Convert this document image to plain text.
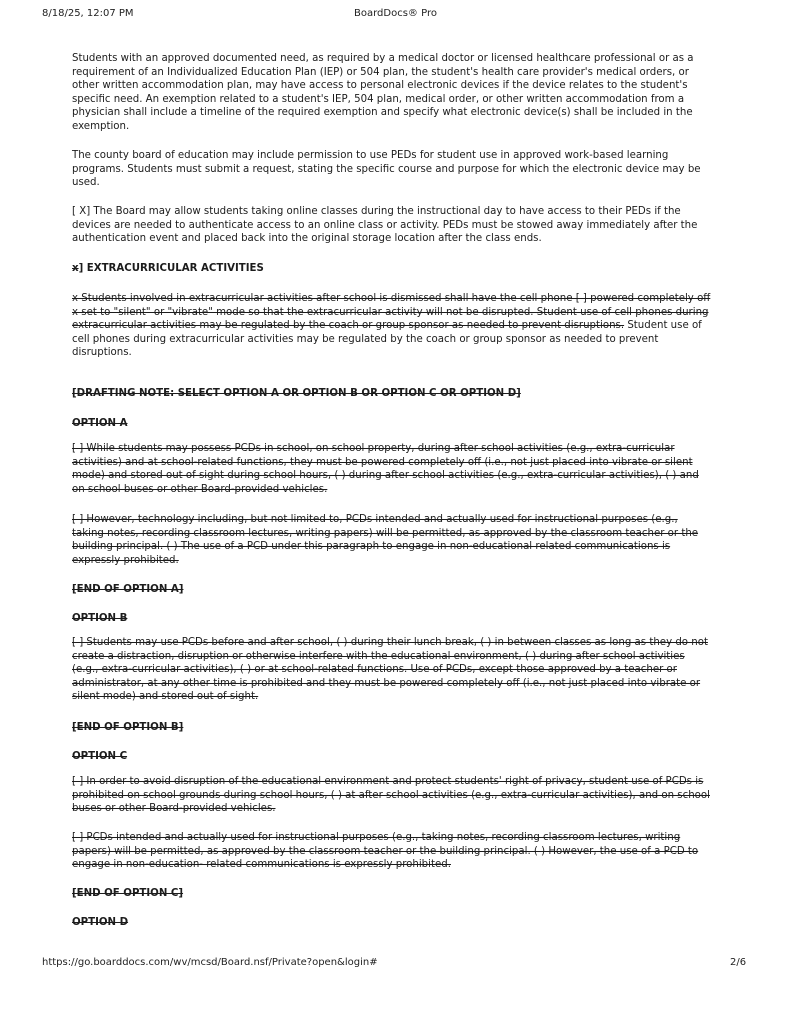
8/18/25, 12:07 PM	BoardDocs® Pro

Students with an approved documented need, as required by a medical doctor or licensed healthcare professional or as a requirement of an Individualized Education Plan (IEP) or 504 plan, the student's health care provider's medical orders, or other written accommodation plan, may have access to personal electronic devices if the device relates to the student's specific need. An exemption related to a student's IEP, 504 plan, medical order, or other written accommodation from a physician shall include a timeline of the required exemption and specify what electronic device(s) shall be included in the exemption.

The county board of education may include permission to use PEDs for student use in approved work-based learning programs. Students must submit a request, stating the specific course and purpose for which the electronic device may be used.

[ X] The Board may allow students taking online classes during the instructional day to have access to their PEDs if the devices are needed to authenticate access to an online class or activity. PEDs must be stowed away immediately after the authentication event and placed back into the original storage location after the class ends.

x] EXTRACURRICULAR ACTIVITIES

x Students involved in extracurricular activities after school is dismissed shall have the cell phone [ ] powered completely off x set to "silent" or "vibrate" mode so that the extracurricular activity will not be disrupted. Student use of cell phones during extracurricular activities may be regulated by the coach or group sponsor as needed to prevent disruptions. Student use of cell phones during extracurricular activities may be regulated by the coach or group sponsor as needed to prevent disruptions.

[DRAFTING NOTE: SELECT OPTION A OR OPTION B OR OPTION C OR OPTION D]

OPTION A

[ ] While students may possess PCDs in school, on school property, during after school activities (e.g., extra-curricular activities) and at school-related functions, they must be powered completely off (i.e., not just placed into vibrate or silent mode) and stored out of sight during school hours, ( ) during after school activities (e.g., extra-curricular activities), ( ) and on school buses or other Board-provided vehicles.

[ ] However, technology including, but not limited to, PCDs intended and actually used for instructional purposes (e.g., taking notes, recording classroom lectures, writing papers) will be permitted, as approved by the classroom teacher or the building principal. ( ) The use of a PCD under this paragraph to engage in non-educational related communications is expressly prohibited.

[END OF OPTION A]

OPTION B

[ ] Students may use PCDs before and after school, ( ) during their lunch break, ( ) in between classes as long as they do not create a distraction, disruption or otherwise interfere with the educational environment, ( ) during after school activities (e.g., extra-curricular activities), ( ) or at school-related functions. Use of PCDs, except those approved by a teacher or administrator, at any other time is prohibited and they must be powered completely off (i.e., not just placed into vibrate or silent mode) and stored out of sight.

[END OF OPTION B]

OPTION C

[ ] In order to avoid disruption of the educational environment and protect students' right of privacy, student use of PCDs is prohibited on school grounds during school hours, ( ) at after school activities (e.g., extra-curricular activities), and on school buses or other Board-provided vehicles.

[ ] PCDs intended and actually used for instructional purposes (e.g., taking notes, recording classroom lectures, writing papers) will be permitted, as approved by the classroom teacher or the building principal. ( ) However, the use of a PCD to engage in non-education- related communications is expressly prohibited.

[END OF OPTION C]

OPTION D

https://go.boarddocs.com/wv/mcsd/Board.nsf/Private?open&login#	2/6
